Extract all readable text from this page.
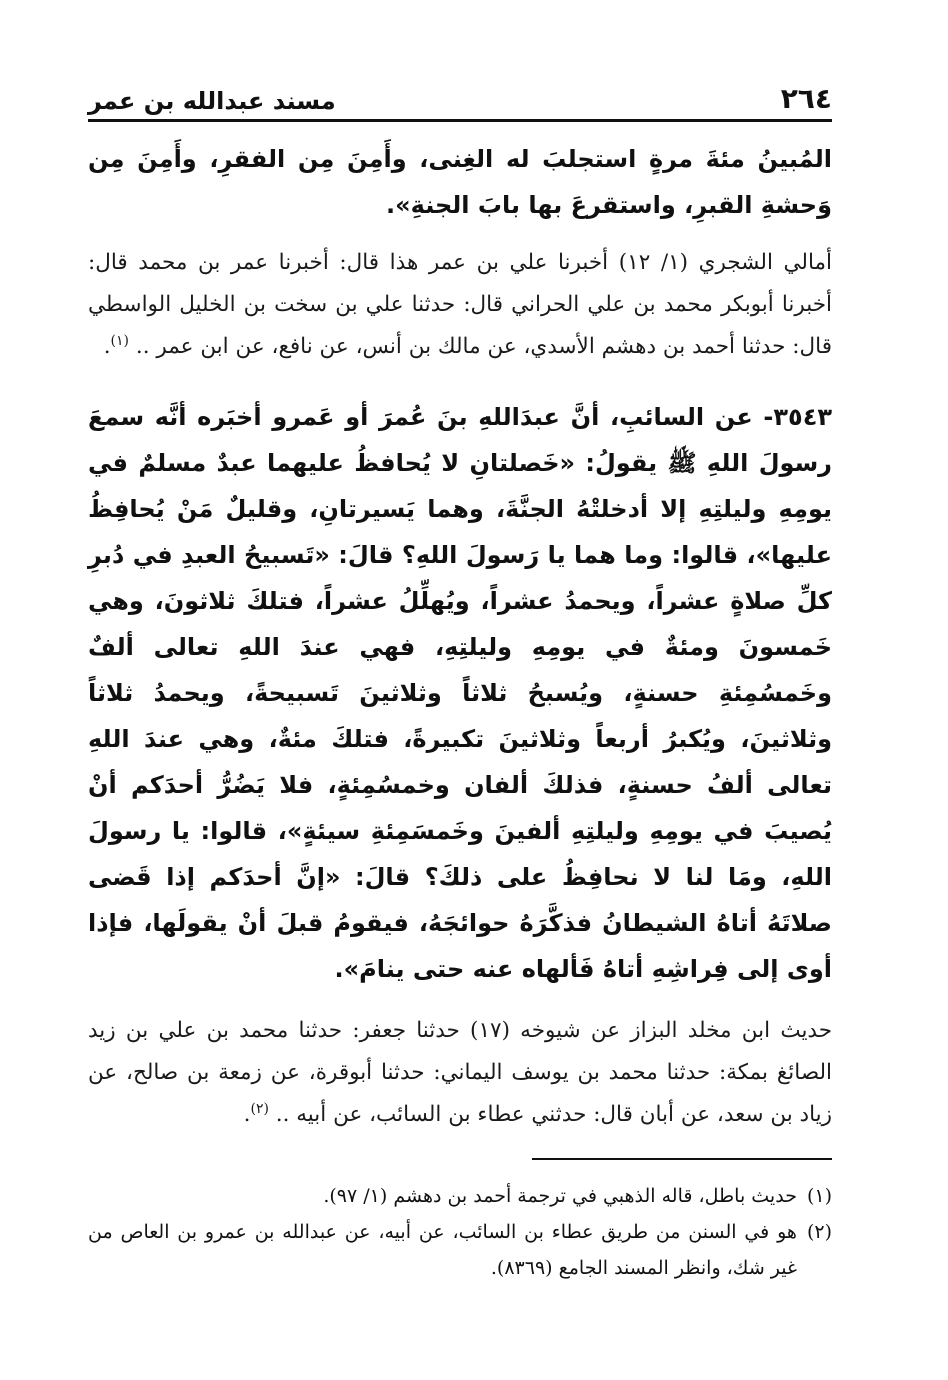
٢٦٤
مسند عبدالله بن عمر

المُبينُ مئةَ مرةٍ استجلبَ له الغِنى، وأَمِنَ مِن الفقرِ، وأَمِنَ مِن وَحشةِ القبرِ، واستقرعَ بها بابَ الجنةِ».

أمالي الشجري (١/ ١٢) أخبرنا علي بن عمر هذا قال: أخبرنا عمر بن محمد قال: أخبرنا أبوبكر محمد بن علي الحراني قال: حدثنا علي بن سخت بن الخليل الواسطي قال: حدثنا أحمد بن دهشم الأسدي، عن مالك بن أنس، عن نافع، عن ابن عمر .. $^{(١)}$.

٣٥٤٣- عن السائبِ، أنَّ عبدَاللهِ بنَ عُمرَ أو عَمرو أخبَره أنَّه سمعَ رسولَ اللهِ ﷺ يقولُ: «خَصلتانِ لا يُحافظُ عليهما عبدٌ مسلمٌ في يومِهِ وليلتِهِ إلا أدخلتْهُ الجنَّةَ، وهما يَسيرتانِ، وقليلٌ مَنْ يُحافِظُ عليها»، قالوا: وما هما يا رَسولَ اللهِ؟ قالَ: «تَسبيحُ العبدِ في دُبرِ كلِّ صلاةٍ عشراً، ويحمدُ عشراً، ويُهلِّلُ عشراً، فتلكَ ثلاثونَ، وهي خَمسونَ ومئةٌ في يومِهِ وليلتِهِ، فهي عندَ اللهِ تعالى ألفٌ وخَمسُمِئةِ حسنةٍ، ويُسبحُ ثلاثاً وثلاثينَ تَسبيحةً، ويحمدُ ثلاثاً وثلاثينَ، ويُكبرُ أربعاً وثلاثينَ تكبيرةً، فتلكَ مئةٌ، وهي عندَ اللهِ تعالى ألفُ حسنةٍ، فذلكَ ألفان وخمسُمِئةٍ، فلا يَضُرُّ أحدَكم أنْ يُصيبَ في يومِهِ وليلتِهِ ألفينَ وخَمسَمِئةِ سيئةٍ»، قالوا: يا رسولَ اللهِ، ومَا لنا لا نحافِظُ على ذلكَ؟ قالَ: «إنَّ أحدَكم إذا قَضى صلاتَهُ أتاهُ الشيطانُ فذكَّرَهُ حوائجَهُ، فيقومُ قبلَ أنْ يقولَها، فإذا أوى إلى فِراشِهِ أتاهُ فَألهاه عنه حتى ينامَ».

حديث ابن مخلد البزاز عن شيوخه (١٧) حدثنا جعفر: حدثنا محمد بن علي بن زيد الصائغ بمكة: حدثنا محمد بن يوسف اليماني: حدثنا أبوقرة، عن زمعة بن صالح، عن زياد بن سعد، عن أبان قال: حدثني عطاء بن السائب، عن أبيه .. $^{(٢)}$.

(١)
حديث باطل، قاله الذهبي في ترجمة أحمد بن دهشم (١/ ٩٧).
(٢)
هو في السنن من طريق عطاء بن السائب، عن أبيه، عن عبدالله بن عمرو بن العاص من غير شك، وانظر المسند الجامع (٨٣٦٩).
